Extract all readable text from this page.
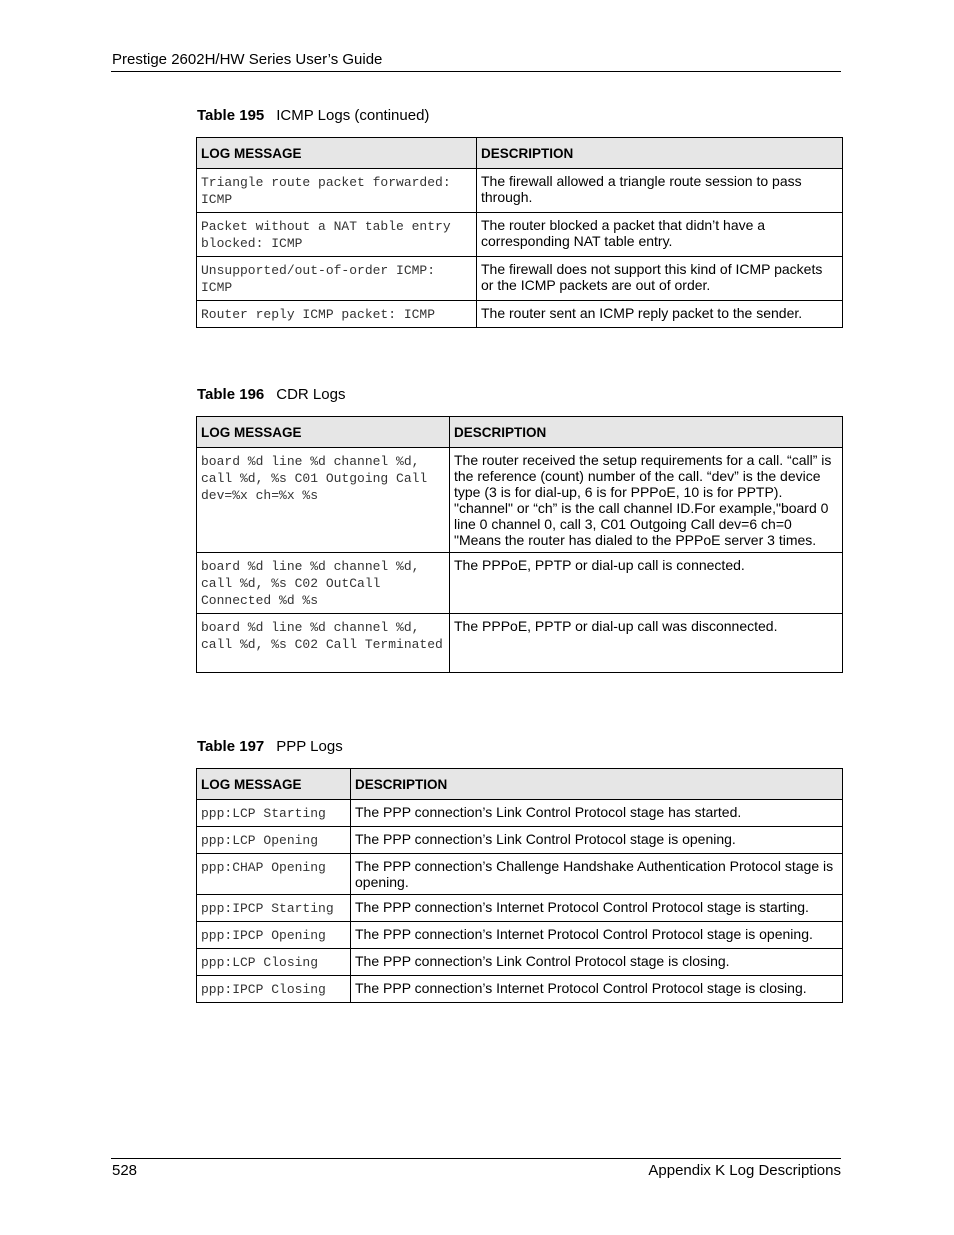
Prestige 2602H/HW Series User’s Guide
Table 195 ICMP Logs (continued)
LOG MESSAGE	DESCRIPTION
Triangle route packet forwarded: ICMP	The firewall allowed a triangle route session to pass through.
Packet without a NAT table entry blocked: ICMP	The router blocked a packet that didn’t have a corresponding NAT table entry.
Unsupported/out-of-order ICMP: ICMP	The firewall does not support this kind of ICMP packets or the ICMP packets are out of order.
Router reply ICMP packet: ICMP	The router sent an ICMP reply packet to the sender.
Table 196 CDR Logs
LOG MESSAGE	DESCRIPTION
board %d line %d channel %d, call %d, %s C01 Outgoing Call dev=%x ch=%x %s	The router received the setup requirements for a call. “call” is the reference (count) number of the call. “dev” is the device type (3 is for dial-up, 6 is for PPPoE, 10 is for PPTP). "channel" or “ch” is the call channel ID.For example,"board 0 line 0 channel 0, call 3, C01 Outgoing Call dev=6 ch=0 "Means the router has dialed to the PPPoE server 3 times.
board %d line %d channel %d, call %d, %s C02 OutCall Connected %d %s	The PPPoE, PPTP or dial-up call is connected.
board %d line %d channel %d, call %d, %s C02 Call Terminated	The PPPoE, PPTP or dial-up call was disconnected.
Table 197 PPP Logs
LOG MESSAGE	DESCRIPTION
ppp:LCP Starting	The PPP connection’s Link Control Protocol stage has started.
ppp:LCP Opening	The PPP connection’s Link Control Protocol stage is opening.
ppp:CHAP Opening	The PPP connection’s Challenge Handshake Authentication Protocol stage is opening.
ppp:IPCP Starting	The PPP connection’s Internet Protocol Control Protocol stage is starting.
ppp:IPCP Opening	The PPP connection’s Internet Protocol Control Protocol stage is opening.
ppp:LCP Closing	The PPP connection’s Link Control Protocol stage is closing.
ppp:IPCP Closing	The PPP connection’s Internet Protocol Control Protocol stage is closing.
528	Appendix K Log Descriptions
